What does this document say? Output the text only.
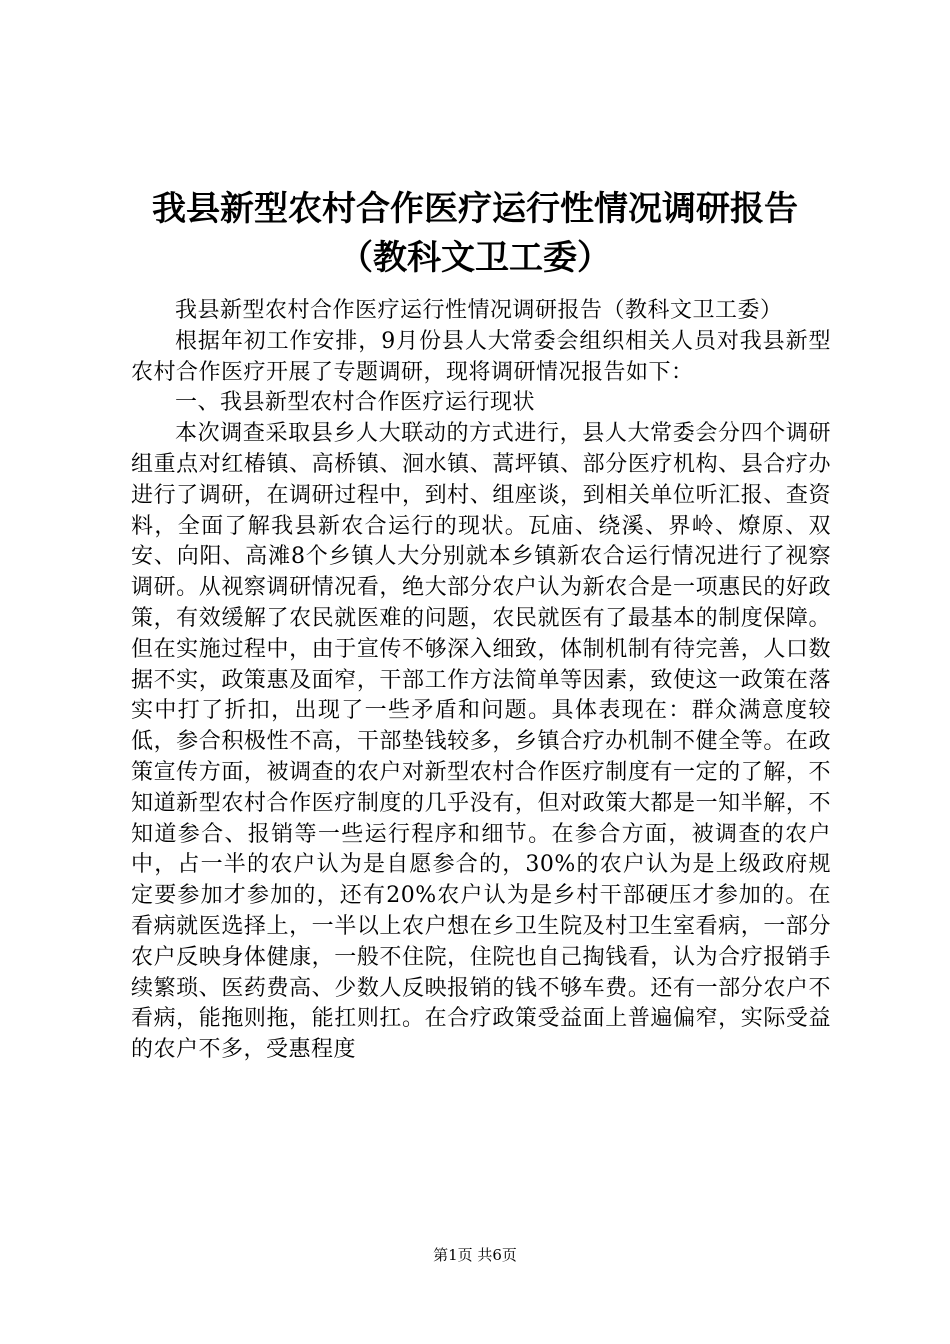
我县新型农村合作医疗运行性情况调研报告
（教科文卫工委）

我县新型农村合作医疗运行性情况调研报告（教科文卫工委）

根据年初工作安排，9月份县人大常委会组织相关人员对我县新型农村合作医疗开展了专题调研，现将调研情况报告如下：

一、我县新型农村合作医疗运行现状

本次调查采取县乡人大联动的方式进行，县人大常委会分四个调研组重点对红椿镇、高桥镇、洄水镇、蒿坪镇、部分医疗机构、县合疗办进行了调研，在调研过程中，到村、组座谈，到相关单位听汇报、查资料，全面了解我县新农合运行的现状。瓦庙、绕溪、界岭、燎原、双安、向阳、高滩8个乡镇人大分别就本乡镇新农合运行情况进行了视察调研。从视察调研情况看，绝大部分农户认为新农合是一项惠民的好政策，有效缓解了农民就医难的问题，农民就医有了最基本的制度保障。但在实施过程中，由于宣传不够深入细致，体制机制有待完善，人口数据不实，政策惠及面窄，干部工作方法简单等因素，致使这一政策在落实中打了折扣，出现了一些矛盾和问题。具体表现在：群众满意度较低，参合积极性不高，干部垫钱较多，乡镇合疗办机制不健全等。在政策宣传方面，被调查的农户对新型农村合作医疗制度有一定的了解，不知道新型农村合作医疗制度的几乎没有，但对政策大都是一知半解，不知道参合、报销等一些运行程序和细节。在参合方面，被调查的农户中，占一半的农户认为是自愿参合的，30%的农户认为是上级政府规定要参加才参加的，还有20%农户认为是乡村干部硬压才参加的。在看病就医选择上，一半以上农户想在乡卫生院及村卫生室看病，一部分农户反映身体健康，一般不住院，住院也自己掏钱看，认为合疗报销手续繁琐、医药费高、少数人反映报销的钱不够车费。还有一部分农户不看病，能拖则拖，能扛则扛。在合疗政策受益面上普遍偏窄，实际受益的农户不多，受惠程度

第1页 共6页
